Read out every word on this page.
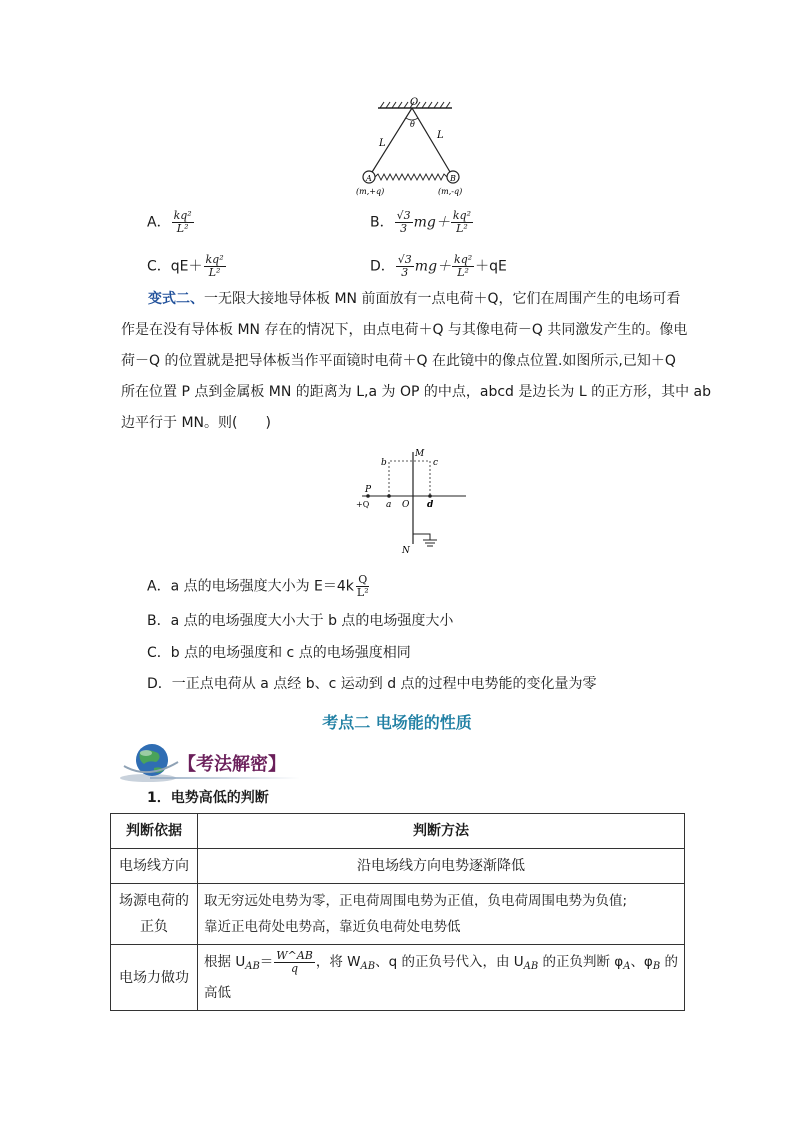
O
θ
L
L
A	B
(m,+q)	(m,-q)
A． $\frac{\text{kq²}}{\text{L²}}$	B． $\frac{√3}{3} mg+ \frac{\text{kq²}}{\text{L²}}$
C．$qE+ \frac{\text{kq²}}{\text{L²}}$	D． $\frac{√3}{3} mg+ \frac{\text{kq²}}{\text{L²}} +qE$
变式二、一无限大接地导体板 MN 前面放有一点电荷＋Q，它们在周围产生的电场可看
作是在没有导体板 MN 存在的情况下，由点电荷＋Q 与其像电荷－Q 共同激发产生的。像电
荷－Q 的位置就是把导体板当作平面镜时电荷＋Q 在此镜中的像点位置.如图所示,已知＋Q
所在位置 P 点到金属板 MN 的距离为 L,a 为 OP 的中点，abcd 是边长为 L 的正方形，其中 ab
边平行于 MN。则(　　)
M
N
P
+Q a O d
b	c
A．a 点的电场强度大小为 $E=4k \frac{Q}{\text{L²}}$
B．a 点的电场强度大小大于 b 点的电场强度大小
C．b 点的电场强度和 c 点的电场强度相同
D．一正点电荷从 a 点经 b、c 运动到 d 点的过程中电势能的变化量为零
考点二 电场能的性质
【考法解密】
1．电势高低的判断
判断依据	判断方法
电场线方向	沿电场线方向电势逐渐降低
场源电荷的正负	取无穷远处电势为零，正电荷周围电势为正值，负电荷周围电势为负值;
靠近正电荷处电势高，靠近负电荷处电势低

电场力做功	根据 $U_{AB}= \frac{W\^{}AB}{q}$ ，将 $W_{AB}$、q 的正负号代入，由 $U_{AB}$ 的正负判断 $\varphi_A$、$\varphi_B$ 的
高低
